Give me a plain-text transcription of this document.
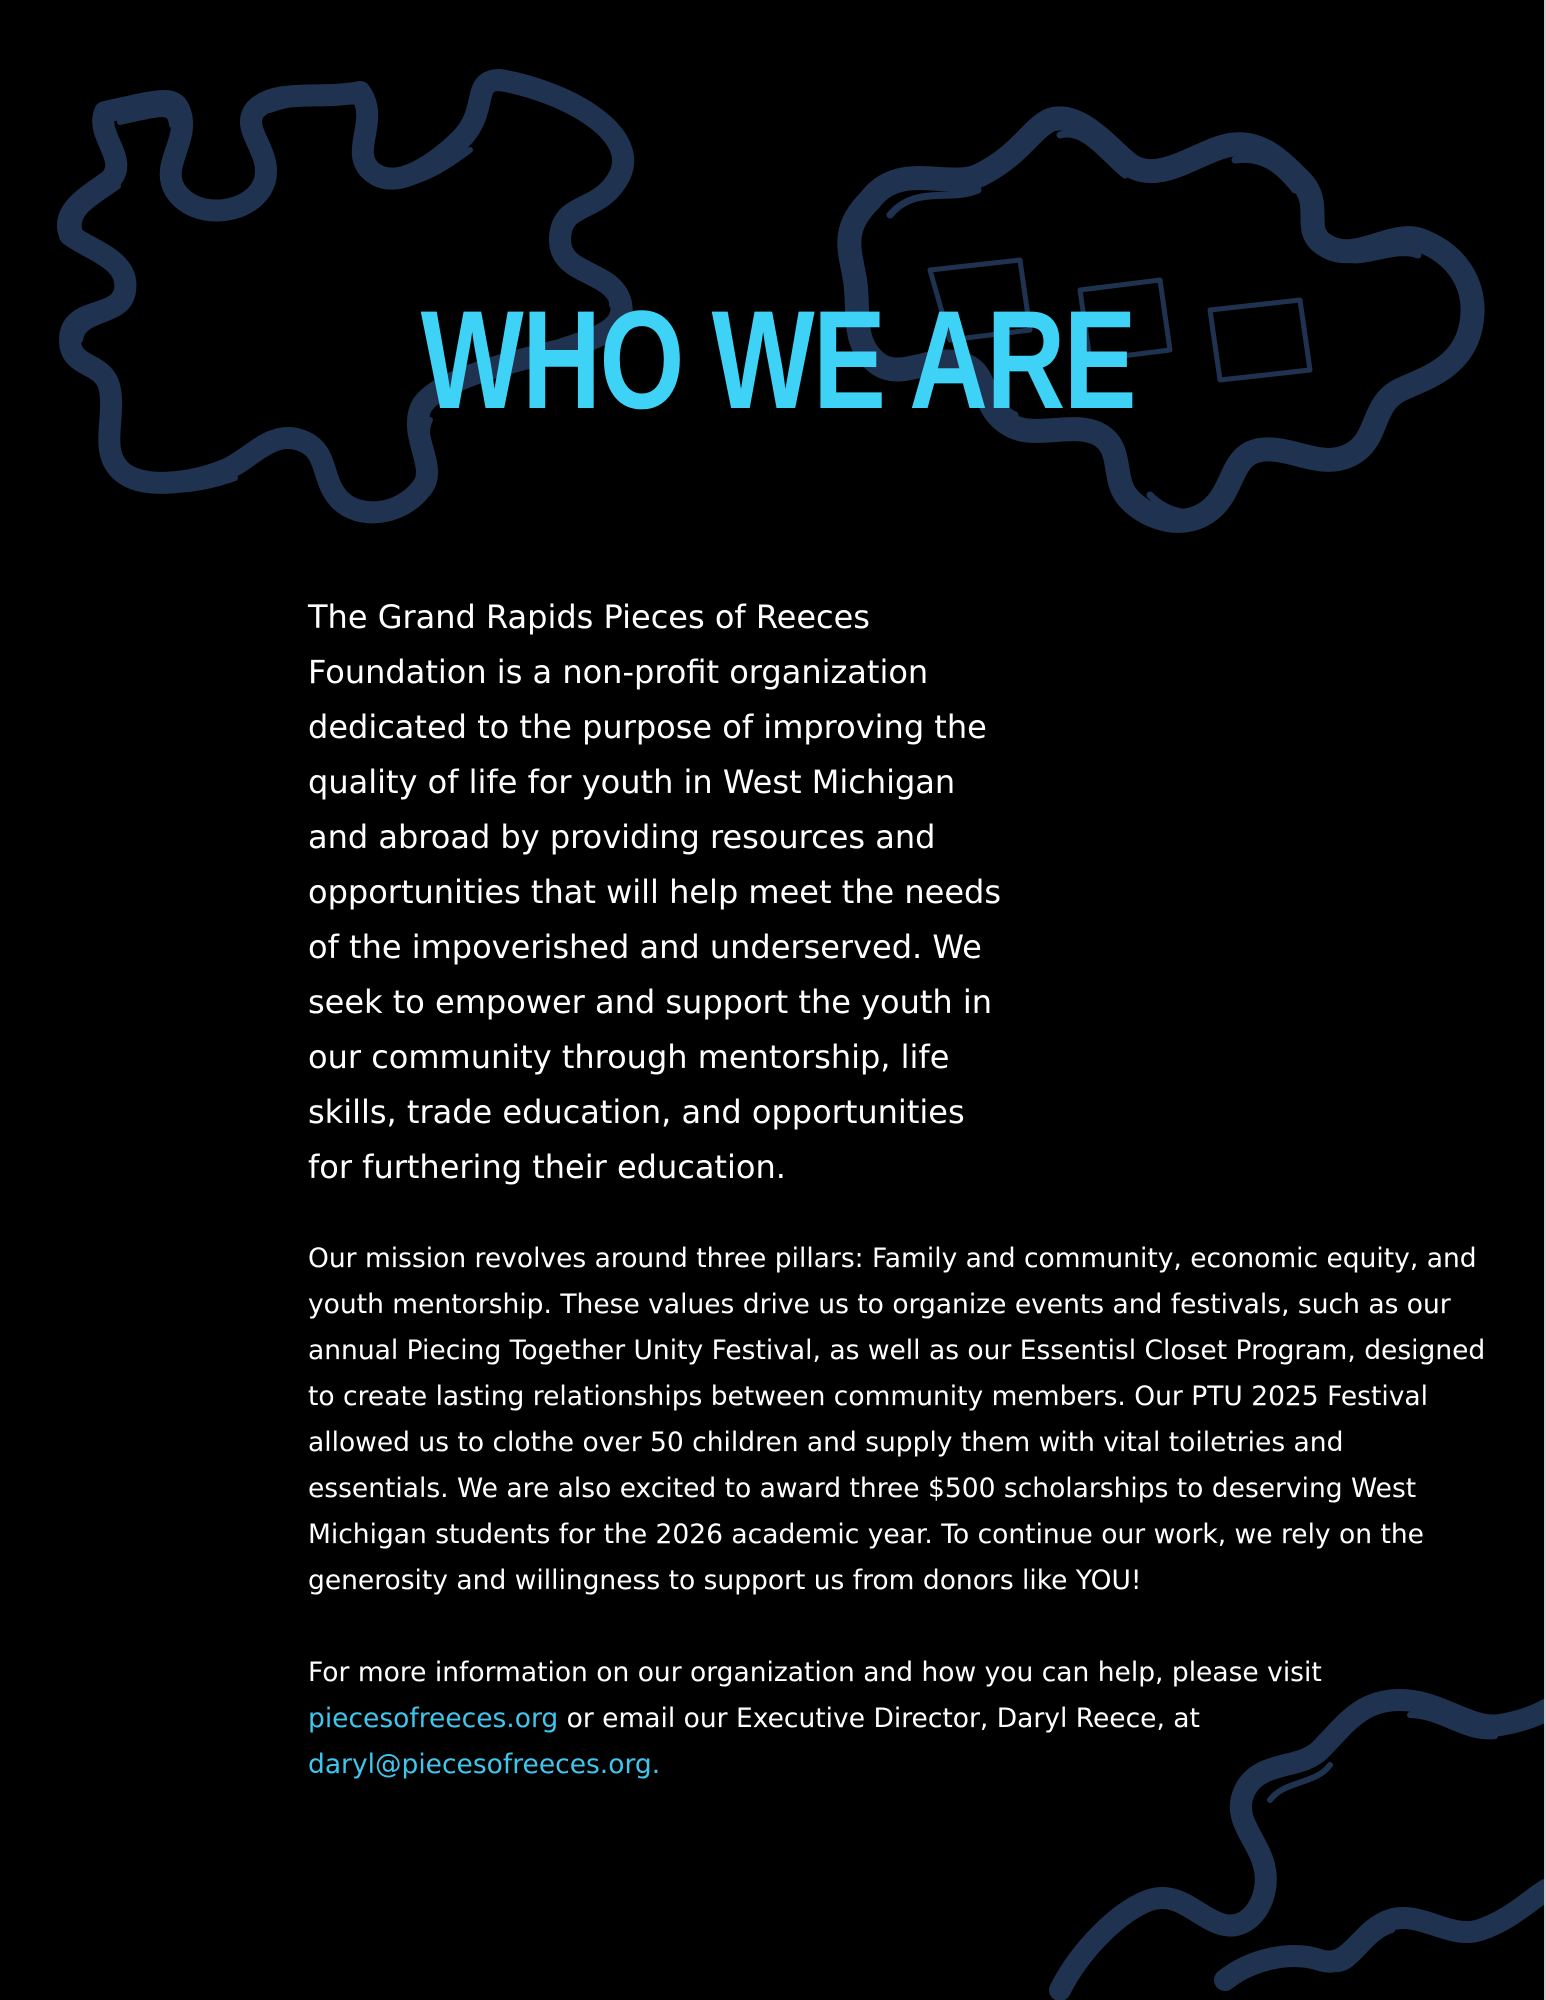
WHO WE ARE

The Grand Rapids Pieces of Reeces Foundation is a non-profit organization dedicated to the purpose of improving the quality of life for youth in West Michigan and abroad by providing resources and opportunities that will help meet the needs of the impoverished and underserved. We seek to empower and support the youth in our community through mentorship, life skills, trade education, and opportunities for furthering their education.

Our mission revolves around three pillars: Family and community, economic equity, and youth mentorship. These values drive us to organize events and festivals, such as our annual Piecing Together Unity Festival, as well as our Essentisl Closet Program, designed to create lasting relationships between community members. Our PTU 2025 Festival allowed us to clothe over 50 children and supply them with vital toiletries and essentials. We are also excited to award three $500 scholarships to deserving West Michigan students for the 2026 academic year. To continue our work, we rely on the generosity and willingness to support us from donors like YOU!

For more information on our organization and how you can help, please visit piecesofreeces.org or email our Executive Director, Daryl Reece, at daryl@piecesofreeces.org.
